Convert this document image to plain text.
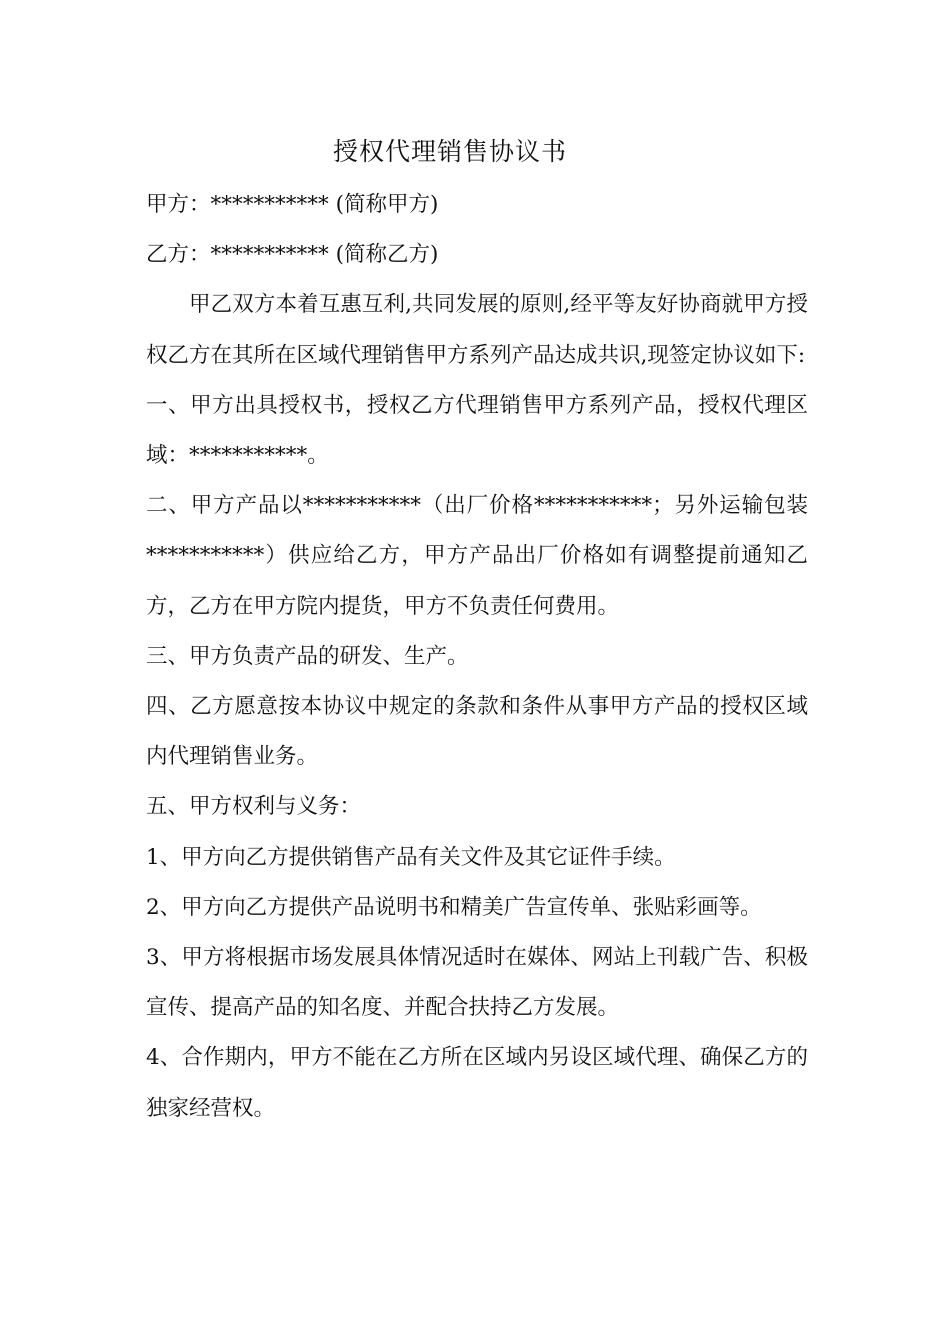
授权代理销售协议书

甲方：*********** (简称甲方)

乙方：*********** (简称乙方)

甲乙双方本着互惠互利,共同发展的原则,经平等友好协商就甲方授权乙方在其所在区域代理销售甲方系列产品达成共识,现签定协议如下:

一、甲方出具授权书，授权乙方代理销售甲方系列产品，授权代理区域：***********。

二、甲方产品以***********（出厂价格***********；另外运输包装***********）供应给乙方，甲方产品出厂价格如有调整提前通知乙方，乙方在甲方院内提货，甲方不负责任何费用。

三、甲方负责产品的研发、生产。

四、乙方愿意按本协议中规定的条款和条件从事甲方产品的授权区域内代理销售业务。

五、甲方权利与义务：

1、甲方向乙方提供销售产品有关文件及其它证件手续。

2、甲方向乙方提供产品说明书和精美广告宣传单、张贴彩画等。

3、甲方将根据市场发展具体情况适时在媒体、网站上刊载广告、积极宣传、提高产品的知名度、并配合扶持乙方发展。

4、合作期内，甲方不能在乙方所在区域内另设区域代理、确保乙方的独家经营权。
